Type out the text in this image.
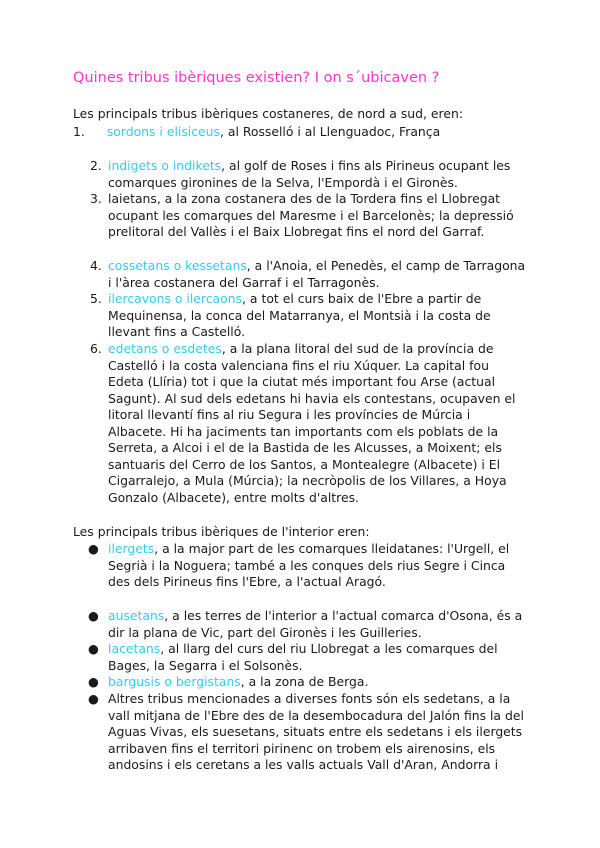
Quines tribus ibèriques existien? I on s´ubicaven ?

Les principals tribus ibèriques costaneres, de nord a sud, eren:

1. sordons i elisiceus, al Rosselló i al Llenguadoc, França
2. indigets o indikets, al golf de Roses i fins als Pirineus ocupant les comarques gironines de la Selva, l'Empordà i el Gironès.
3. laietans, a la zona costanera des de la Tordera fins el Llobregat ocupant les comarques del Maresme i el Barcelonès; la depressió prelitoral del Vallès i el Baix Llobregat fins el nord del Garraf.
4. cossetans o kessetans, a l'Anoia, el Penedès, el camp de Tarragona i l'àrea costanera del Garraf i el Tarragonès.
5. ilercavons o ilercaons, a tot el curs baix de l'Ebre a partir de Mequinensa, la conca del Matarranya, el Montsià i la costa de llevant fins a Castelló.
6. edetans o esdetes, a la plana litoral del sud de la província de Castelló i la costa valenciana fins el riu Xúquer. La capital fou Edeta (Llíria) tot i que la ciutat més important fou Arse (actual Sagunt). Al sud dels edetans hi havia els contestans, ocupaven el litoral llevantí fins al riu Segura i les províncies de Múrcia i Albacete. Hi ha jaciments tan importants com els poblats de la Serreta, a Alcoi i el de la Bastida de les Alcusses, a Moixent; els santuaris del Cerro de los Santos, a Montealegre (Albacete) i El Cigarralejo, a Mula (Múrcia); la necròpolis de los Villares, a Hoya Gonzalo (Albacete), entre molts d'altres.

Les principals tribus ibèriques de l'interior eren:

● ilergets, a la major part de les comarques lleidatanes: l'Urgell, el Segrià i la Noguera; també a les conques dels rius Segre i Cinca des dels Pirineus fins l'Ebre, a l'actual Aragó.
● ausetans, a les terres de l'interior a l'actual comarca d'Osona, és a dir la plana de Vic, part del Gironès i les Guilleries.
● lacetans, al llarg del curs del riu Llobregat a les comarques del Bages, la Segarra i el Solsonès.
● bargusis o bergistans, a la zona de Berga.
● Altres tribus mencionades a diverses fonts són els sedetans, a la vall mitjana de l'Ebre des de la desembocadura del Jalón fins la del Aguas Vivas, els suesetans, situats entre els sedetans i els ilergets arribaven fins el territori pirinenc on trobem els airenosins, els andosins i els ceretans a les valls actuals Vall d'Aran, Andorra i
